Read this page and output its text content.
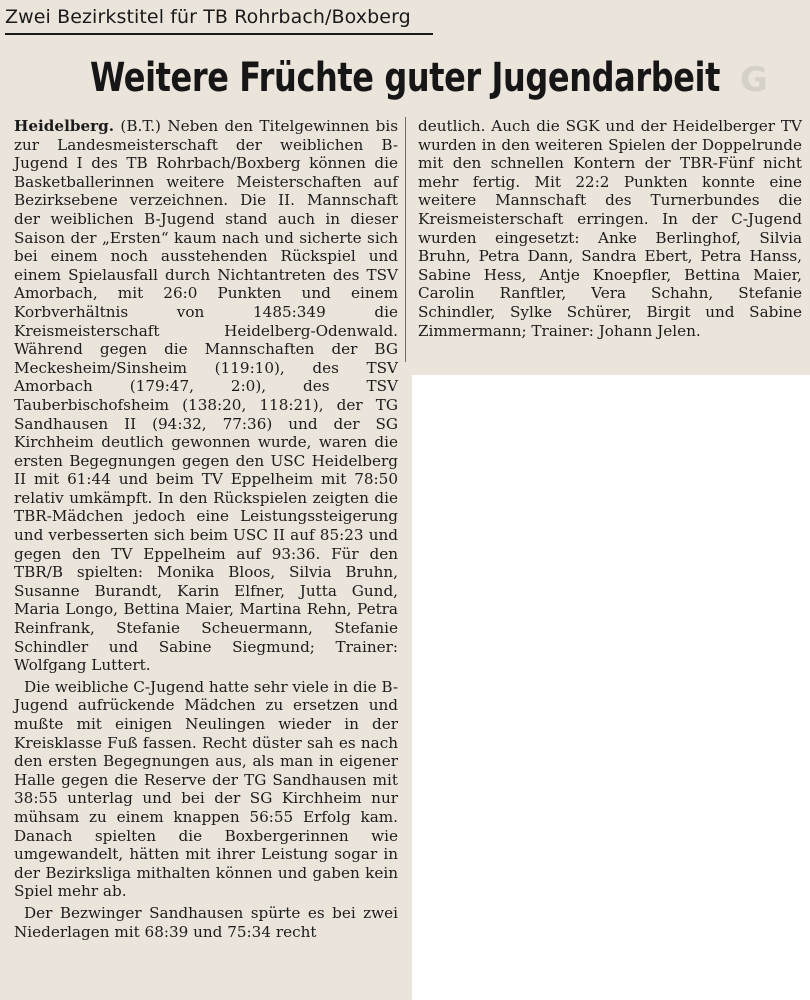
Zwei Bezirkstitel für TB Rohrbach/Boxberg
Weitere Früchte guter Jugendarbeit G

Heidelberg. (B.T.) Neben den Titelgewinnen bis zur Landesmeisterschaft der weiblichen B-Jugend I des TB Rohrbach/Boxberg können die Basketballerinnen weitere Meisterschaften auf Bezirksebene verzeichnen. Die II. Mannschaft der weiblichen B-Jugend stand auch in dieser Saison der „Ersten“ kaum nach und sicherte sich bei einem noch ausstehenden Rückspiel und einem Spielausfall durch Nichtantreten des TSV Amorbach, mit 26:0 Punkten und einem Korbverhältnis von 1485:349 die Kreismeisterschaft Heidelberg-Odenwald. Während gegen die Mannschaften der BG Meckesheim/Sinsheim (119:10), des TSV Amorbach (179:47, 2:0), des TSV Tauberbischofsheim (138:20, 118:21), der TG Sandhausen II (94:32, 77:36) und der SG Kirchheim deutlich gewonnen wurde, waren die ersten Begegnungen gegen den USC Heidelberg II mit 61:44 und beim TV Eppelheim mit 78:50 relativ umkämpft. In den Rückspielen zeigten die TBR-Mädchen jedoch eine Leistungssteigerung und verbesserten sich beim USC II auf 85:23 und gegen den TV Eppelheim auf 93:36. Für den TBR/B spielten: Monika Bloos, Silvia Bruhn, Susanne Burandt, Karin Elfner, Jutta Gund, Maria Longo, Bettina Maier, Martina Rehn, Petra Reinfrank, Stefanie Scheuermann, Stefanie Schindler und Sabine Siegmund; Trainer: Wolfgang Luttert.

Die weibliche C-Jugend hatte sehr viele in die B-Jugend aufrückende Mädchen zu ersetzen und mußte mit einigen Neulingen wieder in der Kreisklasse Fuß fassen. Recht düster sah es nach den ersten Begegnungen aus, als man in eigener Halle gegen die Reserve der TG Sandhausen mit 38:55 unterlag und bei der SG Kirchheim nur mühsam zu einem knappen 56:55 Erfolg kam. Danach spielten die Boxbergerinnen wie umgewandelt, hätten mit ihrer Leistung sogar in der Bezirksliga mithalten können und gaben kein Spiel mehr ab.

Der Bezwinger Sandhausen spürte es bei zwei Niederlagen mit 68:39 und 75:34 recht

deutlich. Auch die SGK und der Heidelberger TV wurden in den weiteren Spielen der Doppelrunde mit den schnellen Kontern der TBR-Fünf nicht mehr fertig. Mit 22:2 Punkten konnte eine weitere Mannschaft des Turnerbundes die Kreismeisterschaft erringen. In der C-Jugend wurden eingesetzt: Anke Berlinghof, Silvia Bruhn, Petra Dann, Sandra Ebert, Petra Hanss, Sabine Hess, Antje Knoepfler, Bettina Maier, Carolin Ranftler, Vera Schahn, Stefanie Schindler, Sylke Schürer, Birgit und Sabine Zimmermann; Trainer: Johann Jelen.
